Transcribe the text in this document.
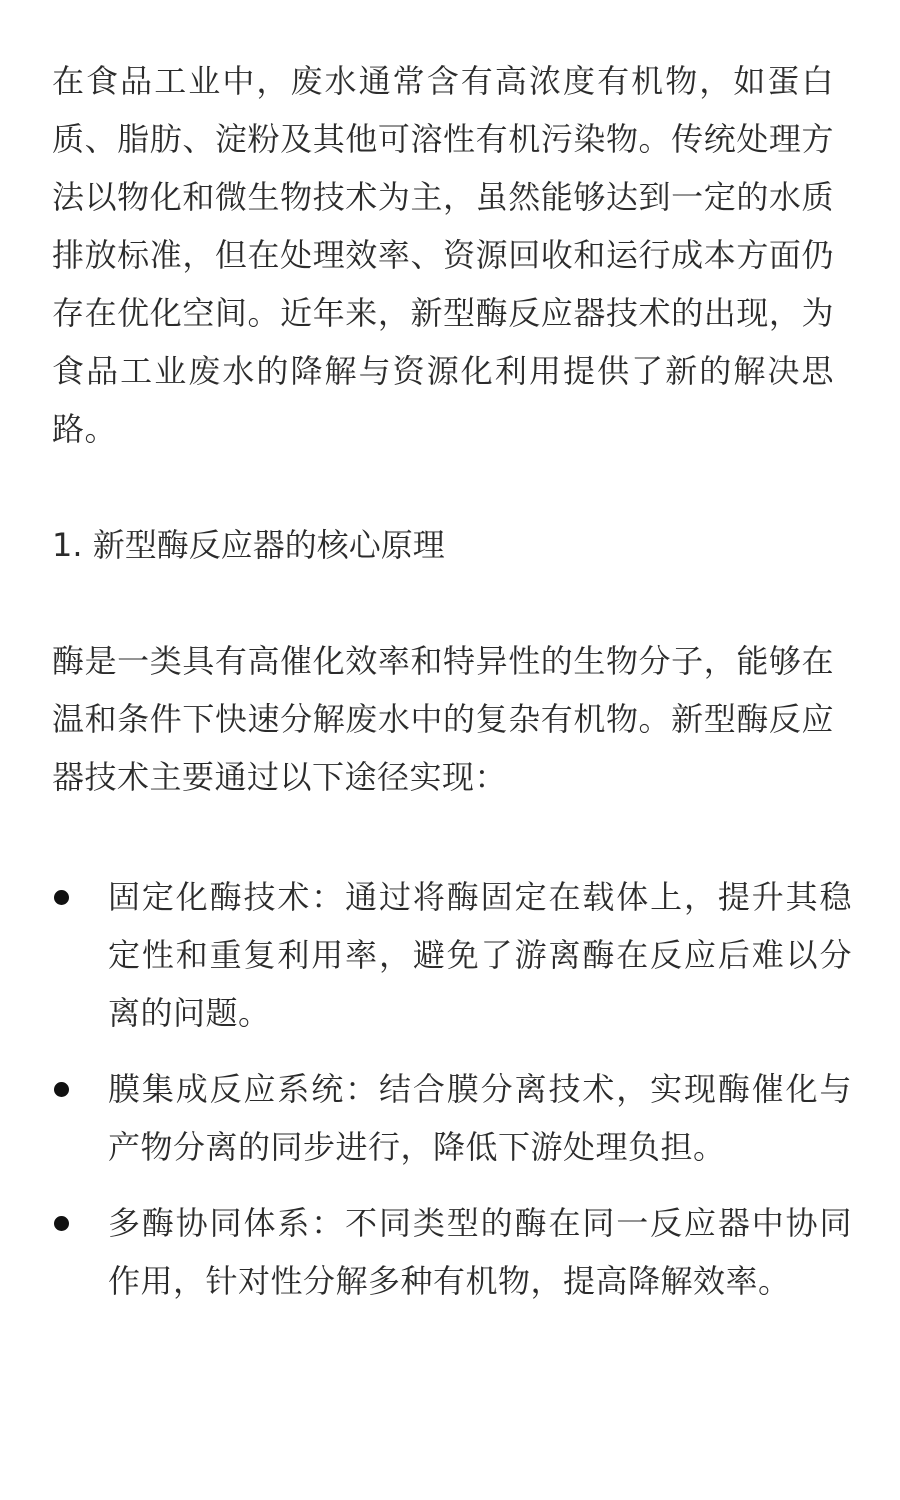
在食品工业中，废水通常含有高浓度有机物，如蛋白质、脂肪、淀粉及其他可溶性有机污染物。传统处理方法以物化和微生物技术为主，虽然能够达到一定的水质排放标准，但在处理效率、资源回收和运行成本方面仍存在优化空间。近年来，新型酶反应器技术的出现，为食品工业废水的降解与资源化利用提供了新的解决思路。

1. 新型酶反应器的核心原理

酶是一类具有高催化效率和特异性的生物分子，能够在温和条件下快速分解废水中的复杂有机物。新型酶反应器技术主要通过以下途径实现：

固定化酶技术：通过将酶固定在载体上，提升其稳定性和重复利用率，避免了游离酶在反应后难以分离的问题。
膜集成反应系统：结合膜分离技术，实现酶催化与产物分离的同步进行，降低下游处理负担。
多酶协同体系：不同类型的酶在同一反应器中协同作用，针对性分解多种有机物，提高降解效率。
